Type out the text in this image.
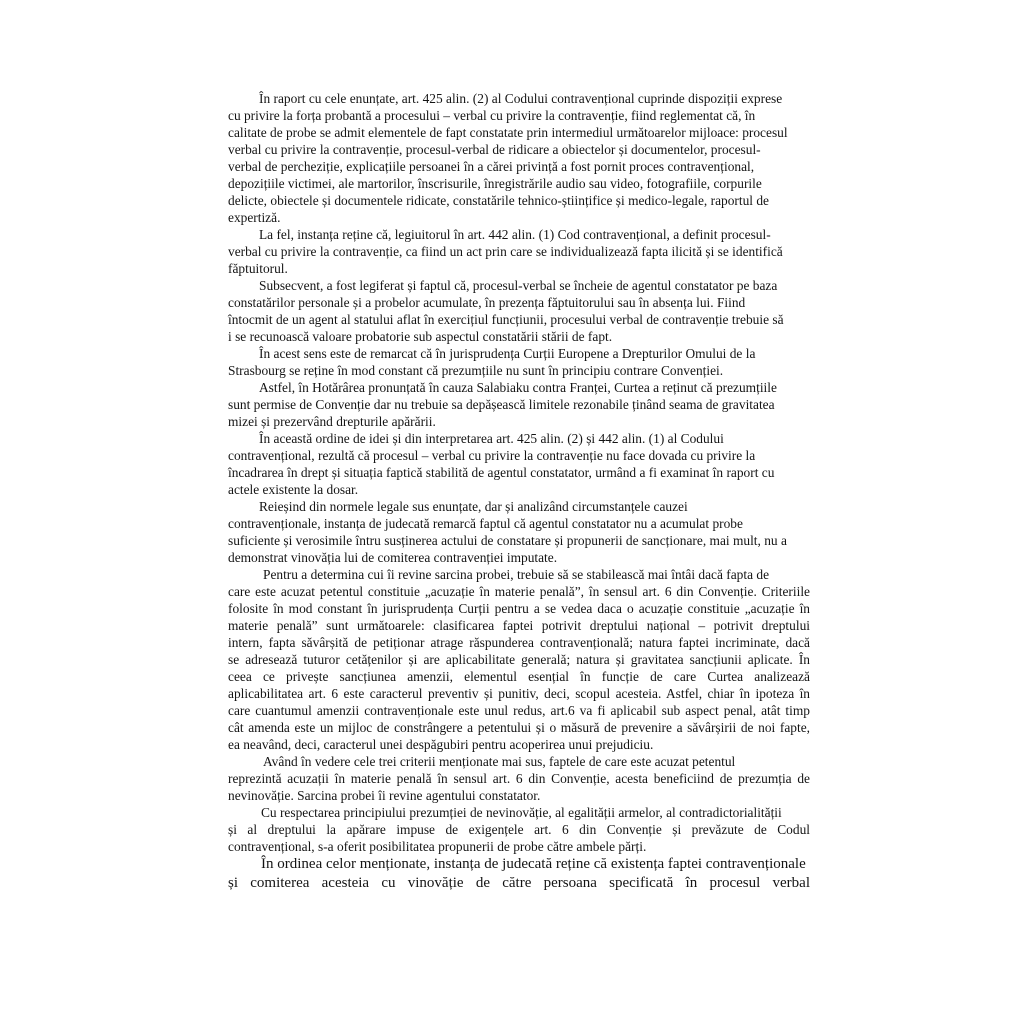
În raport cu cele enunțate, art. 425 alin. (2) al Codului contravențional cuprinde dispoziții exprese
cu privire la forța probantă a procesului – verbal cu privire la contravenție, fiind reglementat că, în
calitate de probe se admit elementele de fapt constatate prin intermediul următoarelor mijloace: procesul
verbal cu privire la contravenție, procesul-verbal de ridicare a obiectelor și documentelor, procesul-
verbal de percheziție, explicațiile persoanei în a cărei privință a fost pornit proces contravențional,
depozițiile victimei, ale martorilor, înscrisurile, înregistrările audio sau video, fotografiile, corpurile
delicte, obiectele și documentele ridicate, constatările tehnico-științifice și medico-legale, raportul de
expertiză.
La fel, instanța reține că, legiuitorul în art. 442 alin. (1) Cod contravențional, a definit procesul-
verbal cu privire la contravenție, ca fiind un act prin care se individualizează fapta ilicită și se identifică
făptuitorul.
Subsecvent, a fost legiferat și faptul că, procesul-verbal se încheie de agentul constatator pe baza
constatărilor personale și a probelor acumulate, în prezența făptuitorului sau în absența lui. Fiind
întocmit de un agent al statului aflat în exercițiul funcțiunii, procesului verbal de contravenție trebuie să
i se recunoască valoare probatorie sub aspectul constatării stării de fapt.
În acest sens este de remarcat că în jurisprudența Curții Europene a Drepturilor Omului de la
Strasbourg se reține în mod constant că prezumțiile nu sunt în principiu contrare Convenției.
Astfel, în Hotărârea pronunțată în cauza Salabiaku contra Franței, Curtea a reținut că prezumțiile
sunt permise de Convenție dar nu trebuie sa depășească limitele rezonabile ținând seama de gravitatea
mizei și prezervând drepturile apărării.
În această ordine de idei și din interpretarea art. 425 alin. (2) și 442 alin. (1) al Codului
contravențional, rezultă că procesul – verbal cu privire la contravenție nu face dovada cu privire la
încadrarea în drept și situația faptică stabilită de agentul constatator, urmând a fi examinat în raport cu
actele existente la dosar.
Reieșind din normele legale sus enunțate, dar și analizând circumstanțele cauzei
contravenționale, instanța de judecată remarcă faptul că agentul constatator nu a acumulat probe
suficiente și verosimile întru susținerea actului de constatare și propunerii de sancționare, mai mult, nu a
demonstrat vinovăția lui de comiterea contravenției imputate.
Pentru a determina cui îi revine sarcina probei, trebuie să se stabilească mai întâi dacă fapta de
care este acuzat petentul constituie „acuzație în materie penală”, în sensul art. 6 din Convenție. Criteriile
folosite în mod constant în jurisprudența Curții pentru a se vedea daca o acuzație constituie „acuzație în
materie penală” sunt următoarele: clasificarea faptei potrivit dreptului național – potrivit dreptului
intern, fapta săvârșită de petiționar atrage răspunderea contravențională; natura faptei incriminate, dacă
se adresează tuturor cetățenilor și are aplicabilitate generală; natura și gravitatea sancțiunii aplicate. În
ceea ce privește sancțiunea amenzii, elementul esențial în funcție de care Curtea analizează
aplicabilitatea art. 6 este caracterul preventiv și punitiv, deci, scopul acesteia. Astfel, chiar în ipoteza în
care cuantumul amenzii contravenționale este unul redus, art.6 va fi aplicabil sub aspect penal, atât timp
cât amenda este un mijloc de constrângere a petentului și o măsură de prevenire a săvârșirii de noi fapte,
ea neavând, deci, caracterul unei despăgubiri pentru acoperirea unui prejudiciu.
Având în vedere cele trei criterii menționate mai sus, faptele de care este acuzat petentul
reprezintă acuzații în materie penală în sensul art. 6 din Convenție, acesta beneficiind de prezumția de
nevinovăție. Sarcina probei îi revine agentului constatator.
Cu respectarea principiului prezumției de nevinovăție, al egalității armelor, al contradictorialității
și al dreptului la apărare impuse de exigențele art. 6 din Convenție și prevăzute de Codul
contravențional, s-a oferit posibilitatea propunerii de probe către ambele părți.
În ordinea celor menționate, instanța de judecată reține că existența faptei contravenționale
și comiterea acesteia cu vinovăție de către persoana specificată în procesul verbal
